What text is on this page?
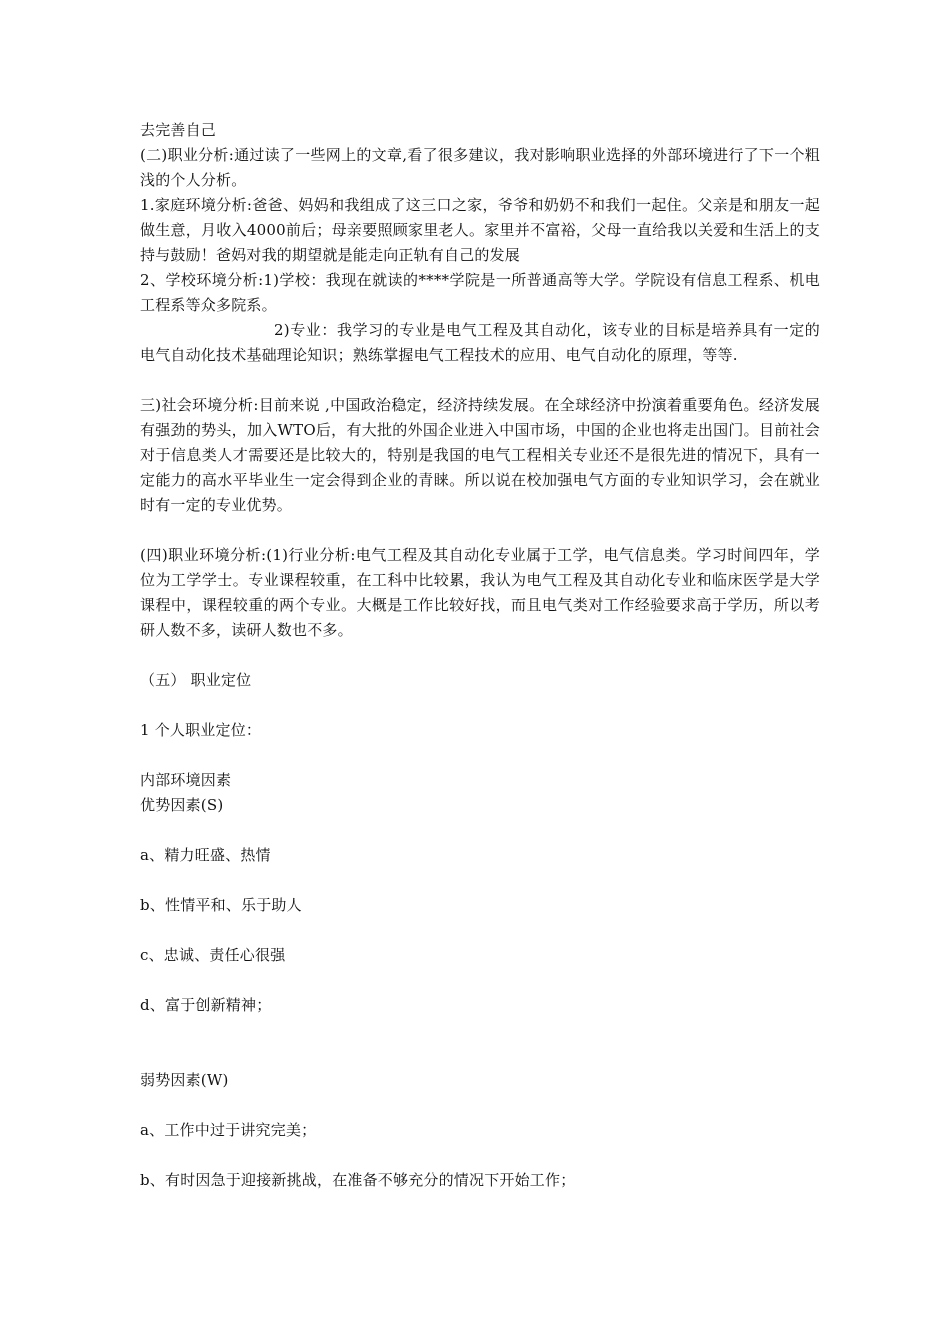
去完善自己

(二)职业分析:通过读了一些网上的文章,看了很多建议，我对影响职业选择的外部环境进行了下一个粗浅的个人分析。

1.家庭环境分析:爸爸、妈妈和我组成了这三口之家，爷爷和奶奶不和我们一起住。父亲是和朋友一起做生意，月收入4000前后；母亲要照顾家里老人。家里并不富裕，父母一直给我以关爱和生活上的支持与鼓励！爸妈对我的期望就是能走向正轨有自己的发展

2、学校环境分析:1)学校：我现在就读的****学院是一所普通高等大学。学院设有信息工程系、机电工程系等众多院系。

2)专业：我学习的专业是电气工程及其自动化，该专业的目标是培养具有一定的电气自动化技术基础理论知识；熟练掌握电气工程技术的应用、电气自动化的原理，等等.

三)社会环境分析:目前来说 ,中国政治稳定，经济持续发展。在全球经济中扮演着重要角色。经济发展有强劲的势头，加入WTO后，有大批的外国企业进入中国市场，中国的企业也将走出国门。目前社会对于信息类人才需要还是比较大的，特别是我国的电气工程相关专业还不是很先进的情况下，具有一定能力的高水平毕业生一定会得到企业的青睐。所以说在校加强电气方面的专业知识学习，会在就业时有一定的专业优势。

(四)职业环境分析:(1)行业分析:电气工程及其自动化专业属于工学，电气信息类。学习时间四年，学位为工学学士。专业课程较重，在工科中比较累，我认为电气工程及其自动化专业和临床医学是大学课程中，课程较重的两个专业。大概是工作比较好找，而且电气类对工作经验要求高于学历，所以考研人数不多，读研人数也不多。

（五） 职业定位

1 个人职业定位：

内部环境因素

优势因素(S)

a、精力旺盛、热情

b、性情平和、乐于助人

c、忠诚、责任心很强

d、富于创新精神；

弱势因素(W)

a、工作中过于讲究完美；

b、有时因急于迎接新挑战，在准备不够充分的情况下开始工作；
